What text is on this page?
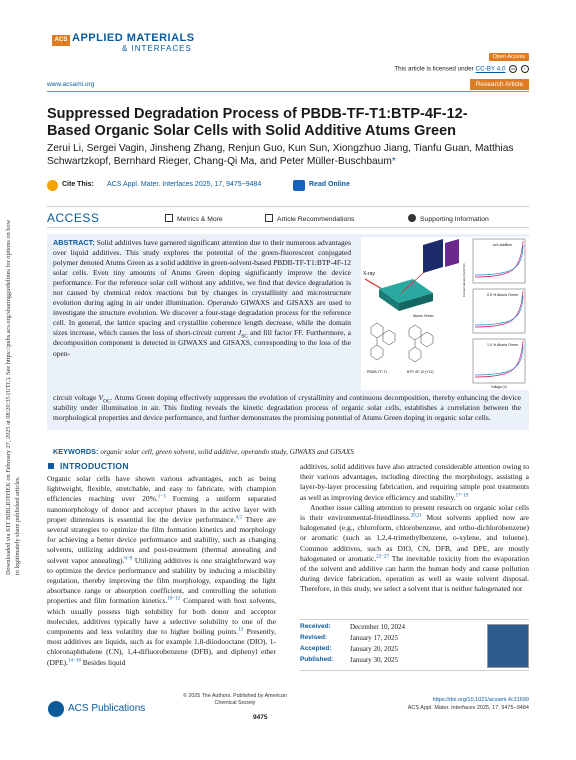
Downloaded via KIT BIBLIOTHEK on February 27, 2025 at 08:20:35 (UTC). See https://pubs.acs.org/sharingguidelines for options on how to legitimately share published articles.
ACS APPLIED MATERIALS
& INTERFACES
Open Access
This article is licensed under CC-BY 4.0 cc i
www.acsami.org	Research Article
Suppressed Degradation Process of PBDB-TF-T1:BTP-4F-12-Based Organic Solar Cells with Solid Additive Atums Green
Zerui Li, Sergei Vagin, Jinsheng Zhang, Renjun Guo, Kun Sun, Xiongzhuo Jiang, Tianfu Guan, Matthias Schwartzkopf, Bernhard Rieger, Chang-Qi Ma, and Peter Müller-Buschbaum*
Cite This: ACS Appl. Mater. Interfaces 2025, 17, 9475−9484	Read Online
ACCESS	Metrics & More	Article Recommendations	Supporting Information
ABSTRACT: Solid additives have garnered significant attention due to their numerous advantages over liquid additives. This study explores the potential of the green-fluorescent conjugated polymer denoted Atums Green as a solid additive in green-solvent-based PBDB-TF-T1:BTP-4F-12 solar cells. Even tiny amounts of Atums Green doping significantly improve the device performance. For the reference solar cell without any additive, we find that device degradation is not caused by chemical redox reactions but by changes in crystallinity and microstructure evolution during aging in air under illumination. Operando GIWAXS and GISAXS are used to investigate the structure evolution. We discover a four-stage degradation process for the reference cell. In general, the lattice spacing and crystallite coherence length decrease, while the domain sizes increase, which causes the loss of short-circuit current $J_{SC}$ and fill factor FF. Furthermore, a decomposition component is detected in GIWAXS and GISAXS, corresponding to the loss of the open-
circuit voltage $V_{OC}$. Atums Green doping effectively suppresses the evolution of crystallinity and continuous decomposition, thereby enhancing the device stability under illumination in air. This finding reveals the kinetic degradation process of organic solar cells, establishes a correlation between the morphological properties and device performance, and further demonstrates the promising potential of Atums Green doping in organic solar cells.
KEYWORDS: organic solar cell, green solvent, solid additive, operando study, GIWAXS and GISAXS
X-ray
Atums Green
PBDB-TF-T1	BTP-4F-12 (Y12)
w/o additive
0.5 % Atums Green
1.0 % Atums Green
Current density (mA/cm²)
Voltage (V)
INTRODUCTION

Organic solar cells have shown various advantages, such as being lightweight, flexible, stretchable, and easy to fabricate, with champion efficiencies reaching over 20%.$^{1-3}$ Forming a uniform separated nanomorphology of donor and acceptor phases in the active layer with proper dimensions is essential for the device performance.$^{4,5}$ There are several strategies to optimize the film formation kinetics and morphology for achieving a better device performance and stability, such as changing solvents, utilizing additives and post-treatment (thermal annealing and solvent vapor annealing).$^{6-9}$ Utilizing additives is one straightforward way to optimize the device performance and stability by inducing a miscibility regulation, thereby improving the film morphology, expanding the light absorbance range or absorption coefficient, and controlling the solution properties and film formation kinetics.$^{10-12}$ Compared with host solvents, which usually possess high solubility for both donor and acceptor molecules, additives typically have a selective solubility to one of the components and less volatility due to higher boiling points.$^{13}$ Presently, most additives are liquids, such as for example 1,8-diiodooctane (DIO), 1-chloronaphthalene (CN), 1,4-difluorobenzene (DFB), and diphenyl ether (DPE).$^{14-16}$ Besides liquid

additives, solid additives have also attracted considerable attention owing to their various advantages, including directing the morphology, assisting a layer-by-layer processing fabrication, and requiring simple post treatments as well as improving device efficiency and stability.$^{17-19}$

Another issue calling attention to present research on organic solar cells is their environmental-friendliness.$^{20,21}$ Most solvents applied now are halogenated (e.g., chloroform, chlorobenzene, and ortho-dichlorobenzene) or aromatic (such as 1,2,4-trimethylbenzene, o-xylene, and toluene). Common additives, such as DIO, CN, DFB, and DPE, are mostly halogenated or aromatic.$^{22-27}$ The inevitable toxicity from the evaporation of the solvent and additive can harm the human body and cause pollution during device fabrication, operation as well as waste solvent disposal. Therefore, in this study, we select a solvent that is neither halogenated nor

Received:	December 10, 2024
Revised:	January 17, 2025
Accepted:	January 20, 2025
Published: January 30, 2025
ACS Publications
© 2025 The Authors. Published by American Chemical Society
9475
https://doi.org/10.1021/acsami.4c21699
ACS Appl. Mater. Interfaces 2025, 17, 9475−9484
